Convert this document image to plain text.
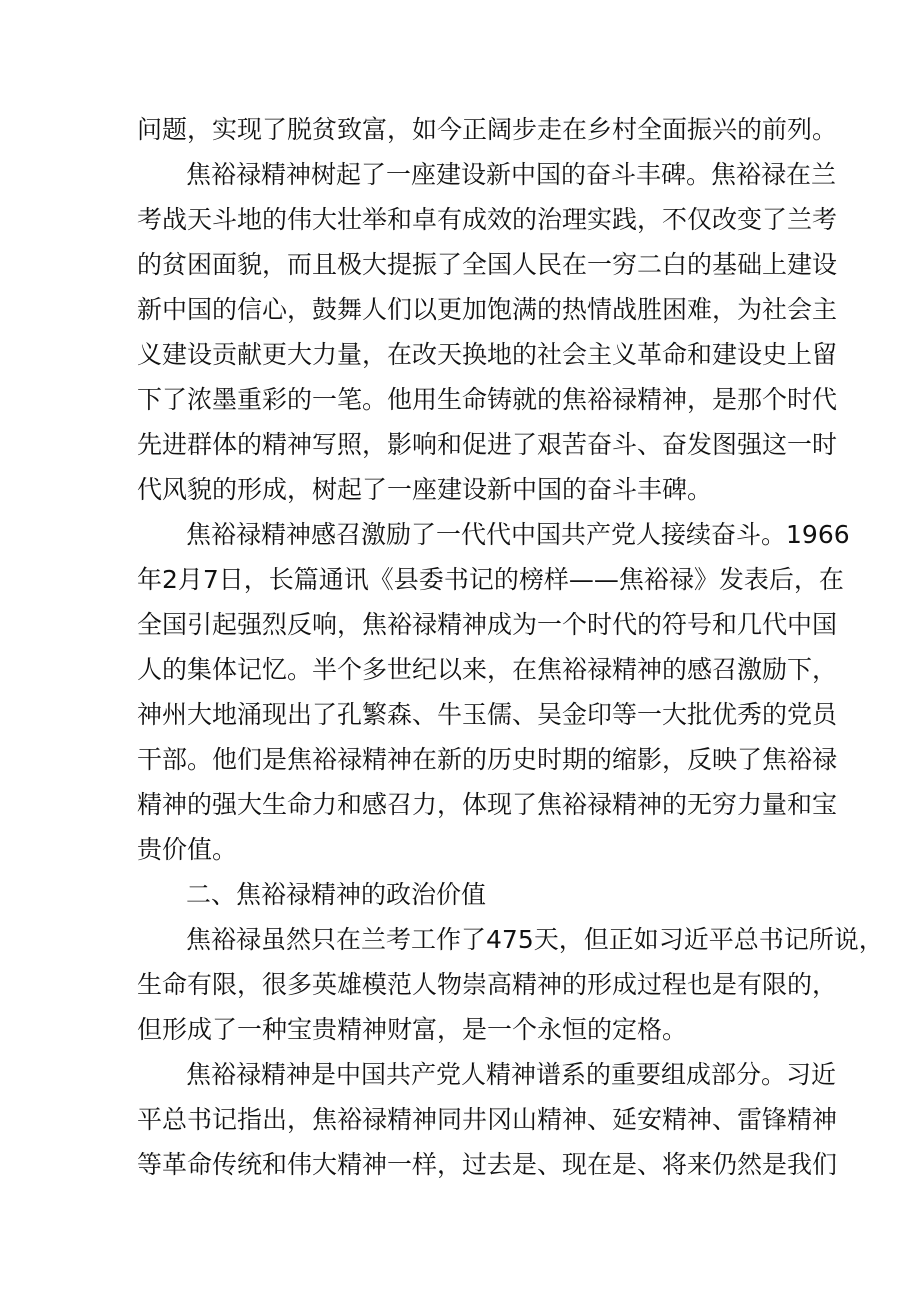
问题，实现了脱贫致富，如今正阔步走在乡村全面振兴的前列。
焦裕禄精神树起了一座建设新中国的奋斗丰碑。焦裕禄在兰
考战天斗地的伟大壮举和卓有成效的治理实践，不仅改变了兰考
的贫困面貌，而且极大提振了全国人民在一穷二白的基础上建设
新中国的信心，鼓舞人们以更加饱满的热情战胜困难，为社会主
义建设贡献更大力量，在改天换地的社会主义革命和建设史上留
下了浓墨重彩的一笔。他用生命铸就的焦裕禄精神，是那个时代
先进群体的精神写照，影响和促进了艰苦奋斗、奋发图强这一时
代风貌的形成，树起了一座建设新中国的奋斗丰碑。
焦裕禄精神感召激励了一代代中国共产党人接续奋斗。1966
年2月7日，长篇通讯《县委书记的榜样——焦裕禄》发表后，在
全国引起强烈反响，焦裕禄精神成为一个时代的符号和几代中国
人的集体记忆。半个多世纪以来，在焦裕禄精神的感召激励下，
神州大地涌现出了孔繁森、牛玉儒、吴金印等一大批优秀的党员
干部。他们是焦裕禄精神在新的历史时期的缩影，反映了焦裕禄
精神的强大生命力和感召力，体现了焦裕禄精神的无穷力量和宝
贵价值。
二、焦裕禄精神的政治价值
焦裕禄虽然只在兰考工作了475天，但正如习近平总书记所说，
生命有限，很多英雄模范人物崇高精神的形成过程也是有限的，
但形成了一种宝贵精神财富，是一个永恒的定格。
焦裕禄精神是中国共产党人精神谱系的重要组成部分。习近
平总书记指出，焦裕禄精神同井冈山精神、延安精神、雷锋精神
等革命传统和伟大精神一样，过去是、现在是、将来仍然是我们
